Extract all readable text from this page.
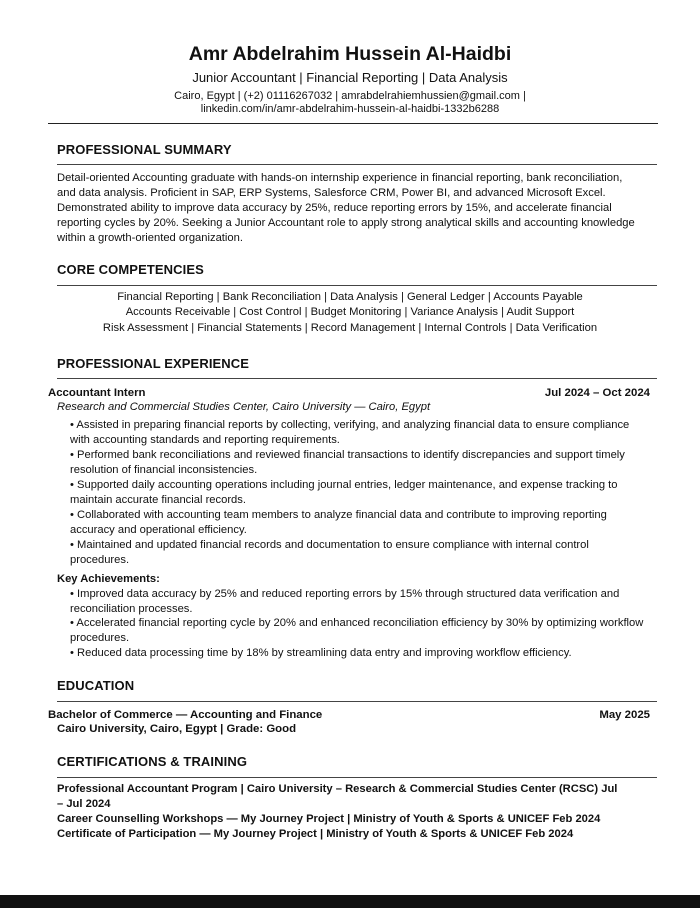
Amr Abdelrahim Hussein Al-Haidbi
Junior Accountant | Financial Reporting | Data Analysis
Cairo, Egypt | (+2) 01116267032 | amrabdelrahiemhussien@gmail.com |
linkedin.com/in/amr-abdelrahim-hussein-al-haidbi-1332b6288
PROFESSIONAL SUMMARY
Detail-oriented Accounting graduate with hands-on internship experience in financial reporting, bank reconciliation, and data analysis. Proficient in SAP, ERP Systems, Salesforce CRM, Power BI, and advanced Microsoft Excel. Demonstrated ability to improve data accuracy by 25%, reduce reporting errors by 15%, and accelerate financial reporting cycles by 20%. Seeking a Junior Accountant role to apply strong analytical skills and accounting knowledge within a growth-oriented organization.
CORE COMPETENCIES
Financial Reporting | Bank Reconciliation | Data Analysis | General Ledger | Accounts Payable
Accounts Receivable | Cost Control | Budget Monitoring | Variance Analysis | Audit Support
Risk Assessment | Financial Statements | Record Management | Internal Controls | Data Verification
PROFESSIONAL EXPERIENCE
Accountant Intern	Jul 2024 – Oct 2024
Research and Commercial Studies Center, Cairo University — Cairo, Egypt
• Assisted in preparing financial reports by collecting, verifying, and analyzing financial data to ensure compliance with accounting standards and reporting requirements.
• Performed bank reconciliations and reviewed financial transactions to identify discrepancies and support timely resolution of financial inconsistencies.
• Supported daily accounting operations including journal entries, ledger maintenance, and expense tracking to maintain accurate financial records.
• Collaborated with accounting team members to analyze financial data and contribute to improving reporting accuracy and operational efficiency.
• Maintained and updated financial records and documentation to ensure compliance with internal control procedures.
Key Achievements:
• Improved data accuracy by 25% and reduced reporting errors by 15% through structured data verification and reconciliation processes.
• Accelerated financial reporting cycle by 20% and enhanced reconciliation efficiency by 30% by optimizing workflow procedures.
• Reduced data processing time by 18% by streamlining data entry and improving workflow efficiency.
EDUCATION
Bachelor of Commerce — Accounting and Finance	May 2025
Cairo University, Cairo, Egypt | Grade: Good
CERTIFICATIONS & TRAINING
Professional Accountant Program | Cairo University – Research & Commercial Studies Center (RCSC) Jul
– Jul 2024
Career Counselling Workshops — My Journey Project | Ministry of Youth & Sports & UNICEF Feb 2024
Certificate of Participation — My Journey Project | Ministry of Youth & Sports & UNICEF Feb 2024
